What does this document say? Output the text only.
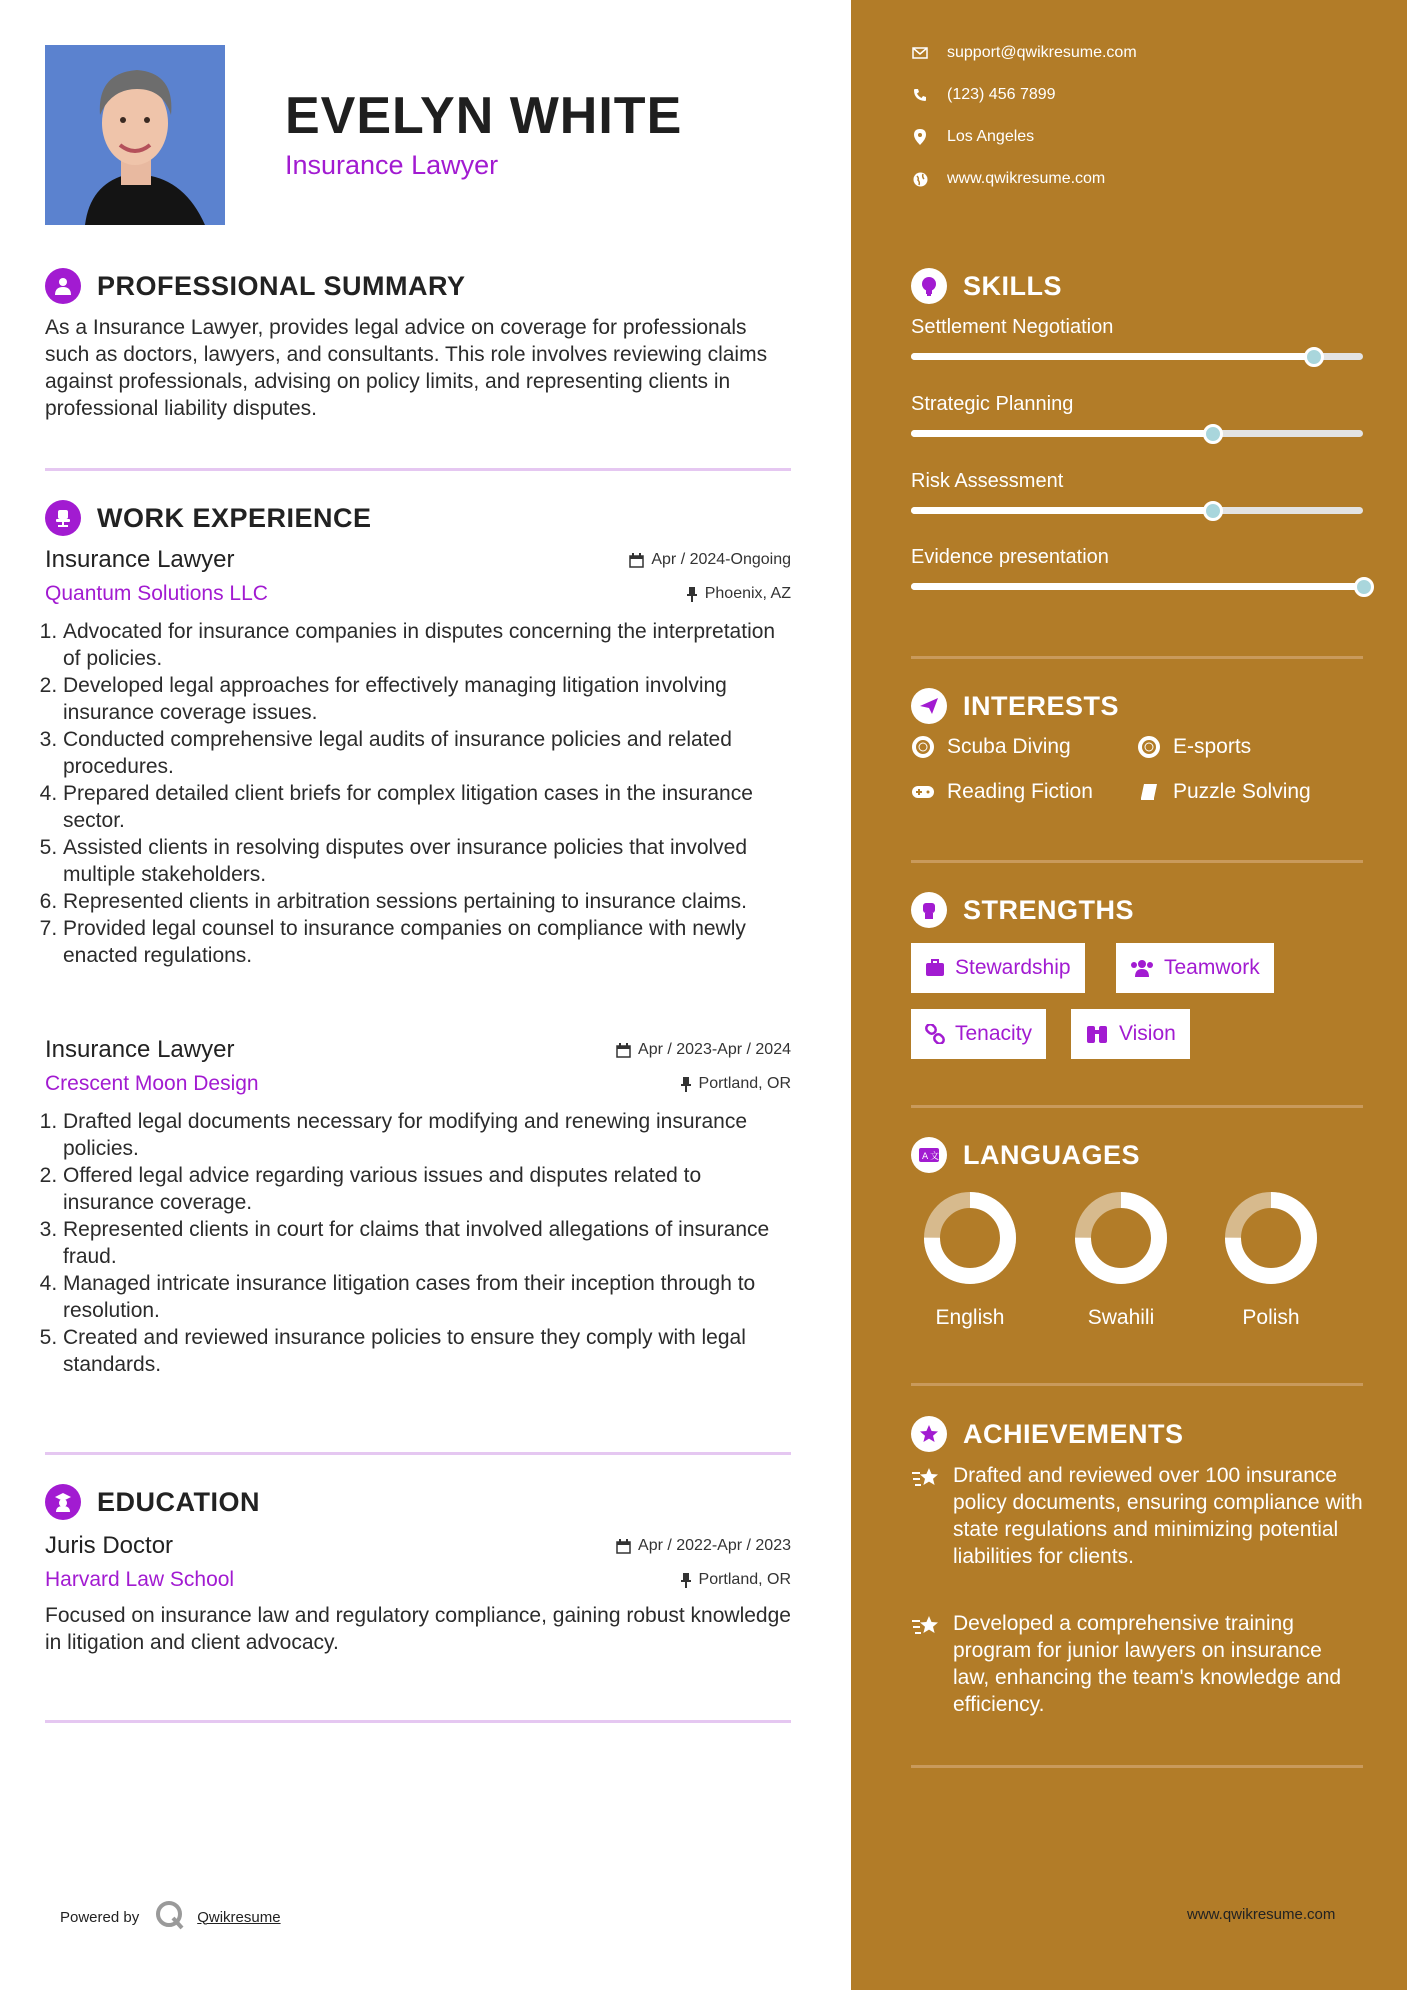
EVELYN WHITE
Insurance Lawyer
PROFESSIONAL SUMMARY
As a Insurance Lawyer, provides legal advice on coverage for professionals such as doctors, lawyers, and consultants. This role involves reviewing claims against professionals, advising on policy limits, and representing clients in professional liability disputes.
WORK EXPERIENCE
Insurance Lawyer	Apr / 2024-Ongoing
Quantum Solutions LLC	Phoenix, AZ
1. Advocated for insurance companies in disputes concerning the interpretation of policies.
2. Developed legal approaches for effectively managing litigation involving insurance coverage issues.
3. Conducted comprehensive legal audits of insurance policies and related procedures.
4. Prepared detailed client briefs for complex litigation cases in the insurance sector.
5. Assisted clients in resolving disputes over insurance policies that involved multiple stakeholders.
6. Represented clients in arbitration sessions pertaining to insurance claims.
7. Provided legal counsel to insurance companies on compliance with newly enacted regulations.
Insurance Lawyer	Apr / 2023-Apr / 2024
Crescent Moon Design	Portland, OR
1. Drafted legal documents necessary for modifying and renewing insurance policies.
2. Offered legal advice regarding various issues and disputes related to insurance coverage.
3. Represented clients in court for claims that involved allegations of insurance fraud.
4. Managed intricate insurance litigation cases from their inception through to resolution.
5. Created and reviewed insurance policies to ensure they comply with legal standards.
EDUCATION
Juris Doctor	Apr / 2022-Apr / 2023
Harvard Law School	Portland, OR

Focused on insurance law and regulatory compliance, gaining robust knowledge in litigation and client advocacy.

Powered by	Qwikresume	www.qwikresume.com
support@qwikresume.com
(123) 456 7899
Los Angeles
www.qwikresume.com
SKILLS
Settlement Negotiation
Strategic Planning
Risk Assessment
Evidence presentation
INTERESTS
Scuba Diving	E-sports
Reading Fiction	Puzzle Solving
STRENGTHS
Stewardship	Teamwork
Tenacity	Vision
A 文 LANGUAGES
English	Swahili	Polish
ACHIEVEMENTS
Drafted and reviewed over 100 insurance policy documents, ensuring compliance with state regulations and minimizing potential liabilities for clients.
Developed a comprehensive training program for junior lawyers on insurance law, enhancing the team's knowledge and efficiency.
